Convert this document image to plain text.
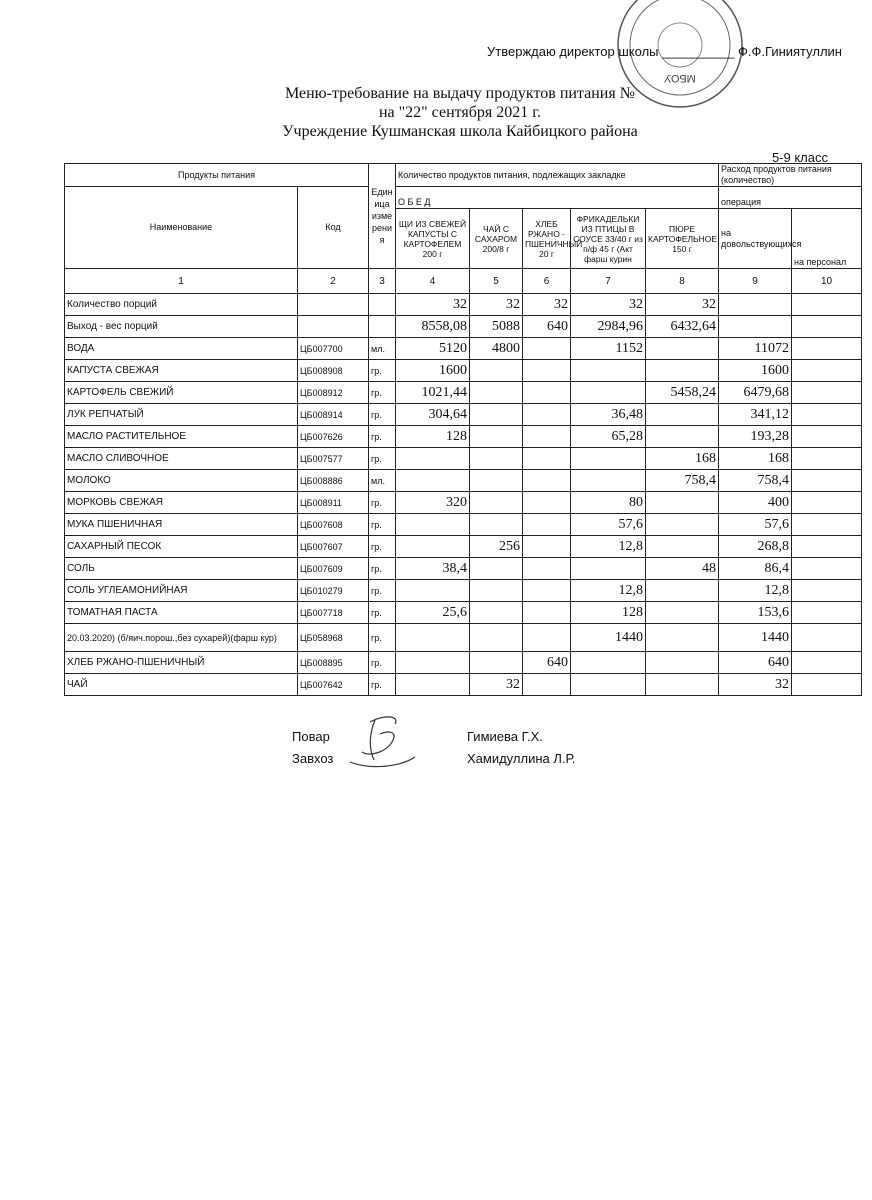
МБОУ
Утверждаю директор школы __________ Ф.Ф.Гиниятуллин
Меню-требование на выдачу продуктов питания №
на "22" сентября 2021 г.
Учреждение Кушманская школа Кайбицкого района
5-9 класс
Продукты питания		Единица измерения	Количество продуктов питания, подлежащих закладке					Расход продуктов питания (количество)	
Наименование	Код		О Б Е Д					операция	
			ЩИ ИЗ СВЕЖЕЙ КАПУСТЫ С КАРТОФЕЛЕМ 200 г	ЧАЙ С САХАРОМ 200/8 г	ХЛЕБ РЖАНО - ПШЕНИЧНЫЙ 20 г	ФРИКАДЕЛЬКИ ИЗ ПТИЦЫ В СОУСЕ 33/40 г из п/ф 45 г (Акт фарш курин	ПЮРЕ КАРТОФЕЛЬНОЕ 150 г	на довольствующихся	на персонал
1	2	3	4	5	6	7	8	9	10
Количество порций			32	32	32	32	32		
Выход - вес порций			8558,08	5088	640	2984,96	6432,64		
ВОДА	ЦБ007700	мл.	5120	4800		1152		11072	
КАПУСТА СВЕЖАЯ	ЦБ008908	гр.	1600					1600	
КАРТОФЕЛЬ СВЕЖИЙ	ЦБ008912	гр.	1021,44				5458,24	6479,68	
ЛУК РЕПЧАТЫЙ	ЦБ008914	гр.	304,64			36,48		341,12	
МАСЛО РАСТИТЕЛЬНОЕ	ЦБ007626	гр.	128			65,28		193,28	
МАСЛО СЛИВОЧНОЕ	ЦБ007577	гр.					168	168	
МОЛОКО	ЦБ008886	мл.					758,4	758,4	
МОРКОВЬ СВЕЖАЯ	ЦБ008911	гр.	320			80		400	
МУКА ПШЕНИЧНАЯ	ЦБ007608	гр.				57,6		57,6	
САХАРНЫЙ ПЕСОК	ЦБ007607	гр.		256		12,8		268,8	
СОЛЬ	ЦБ007609	гр.	38,4				48	86,4	
СОЛЬ УГЛЕАМОНИЙНАЯ	ЦБ010279	гр.				12,8		12,8	
ТОМАТНАЯ ПАСТА	ЦБ007718	гр.	25,6			128		153,6	
20.03.2020) (б/яич.порош.,без сухарей)(фарш кур)	ЦБ058968	гр.				1440		1440	
ХЛЕБ РЖАНО-ПШЕНИЧНЫЙ	ЦБ008895	гр.			640			640	
ЧАЙ	ЦБ007642	гр.		32				32	
Повар	Гимиева Г.Х.
Завхоз	Хамидуллина Л.Р.
